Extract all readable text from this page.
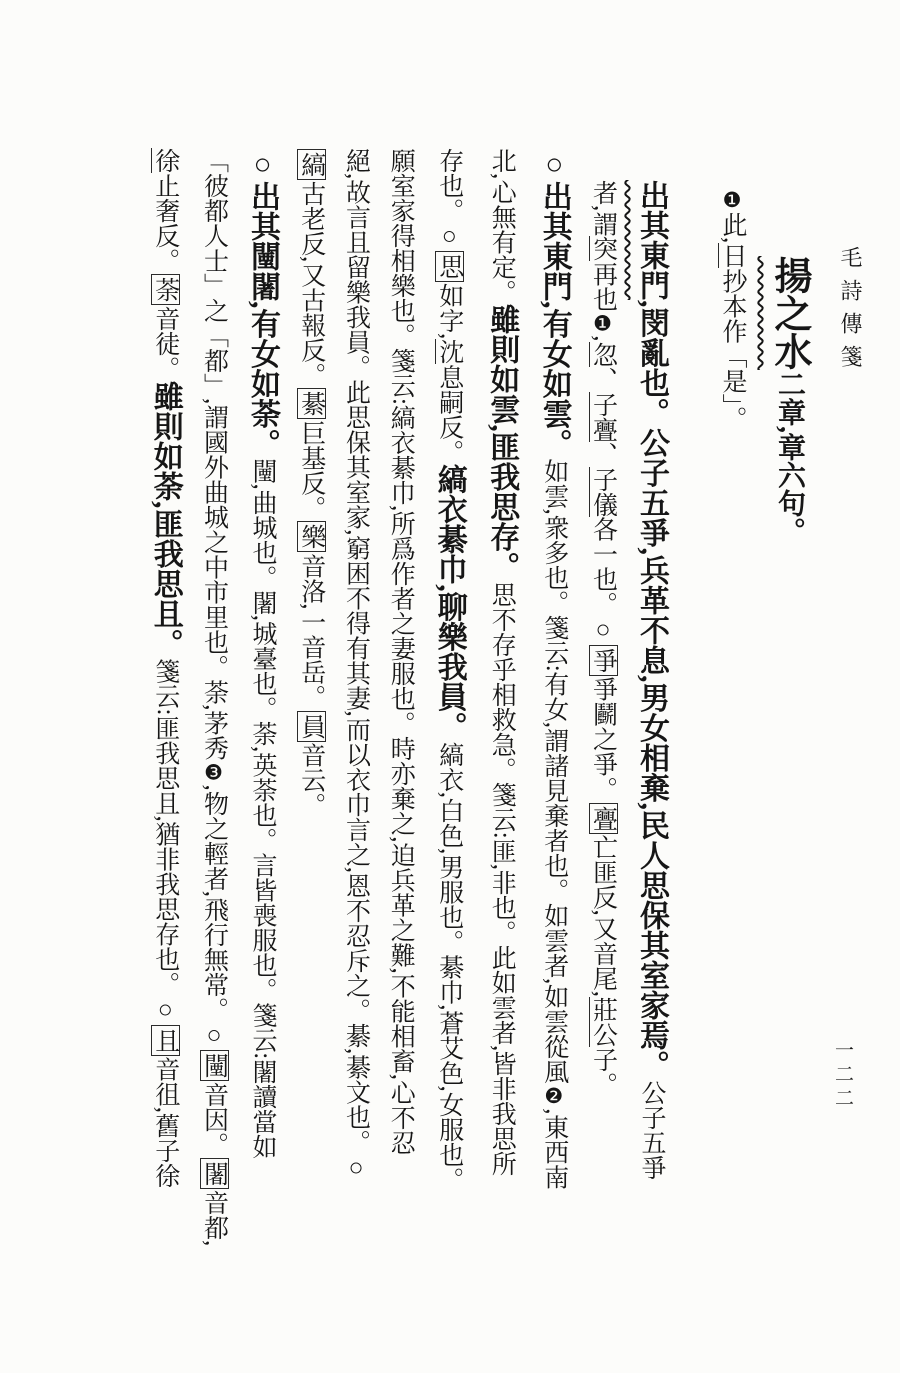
毛詩傳箋
一二二
揚之水二章,章六句。
❶此,日抄本作「是」。
出其東門,閔亂也。公子五爭,兵革不息,男女相棄,民人思保其室家焉。公子五爭
者,謂突再也❶,忽、子亹、子儀各一也。○爭爭鬬之爭。亹亡匪反,又音尾,莊公子。
○出其東門,有女如雲。如雲,衆多也。箋云:有女,謂諸見棄者也。如雲者,如雲從風❷,東西南
北,心無有定。雖則如雲,匪我思存。思不存乎相救急。箋云:匪,非也。此如雲者,皆非我思所
存也。○思如字,沈息嗣反。縞衣綦巾,聊樂我員。縞衣,白色,男服也。綦巾,蒼艾色,女服也。
願室家得相樂也。箋云:縞衣綦巾,所爲作者之妻服也。時亦棄之,迫兵革之難,不能相畜,心不忍
絕,故言且留樂我員。此思保其室家,窮困不得有其妻,而以衣巾言之,恩不忍斥之。綦,綦文也。○
縞古老反,又古報反。綦巨基反。樂音洛,一音岳。員音云。
○出其闉闍,有女如荼。闉,曲城也。闍,城臺也。荼,英荼也。言皆喪服也。箋云:闍讀當如
「彼都人士」之「都」,謂國外曲城之中市里也。荼,茅秀❸,物之輕者,飛行無常。○闉音因。闍音都,
徐止奢反。荼音徒。雖則如荼,匪我思且。箋云:匪我思且,猶非我思存也。○且音徂,舊子徐
